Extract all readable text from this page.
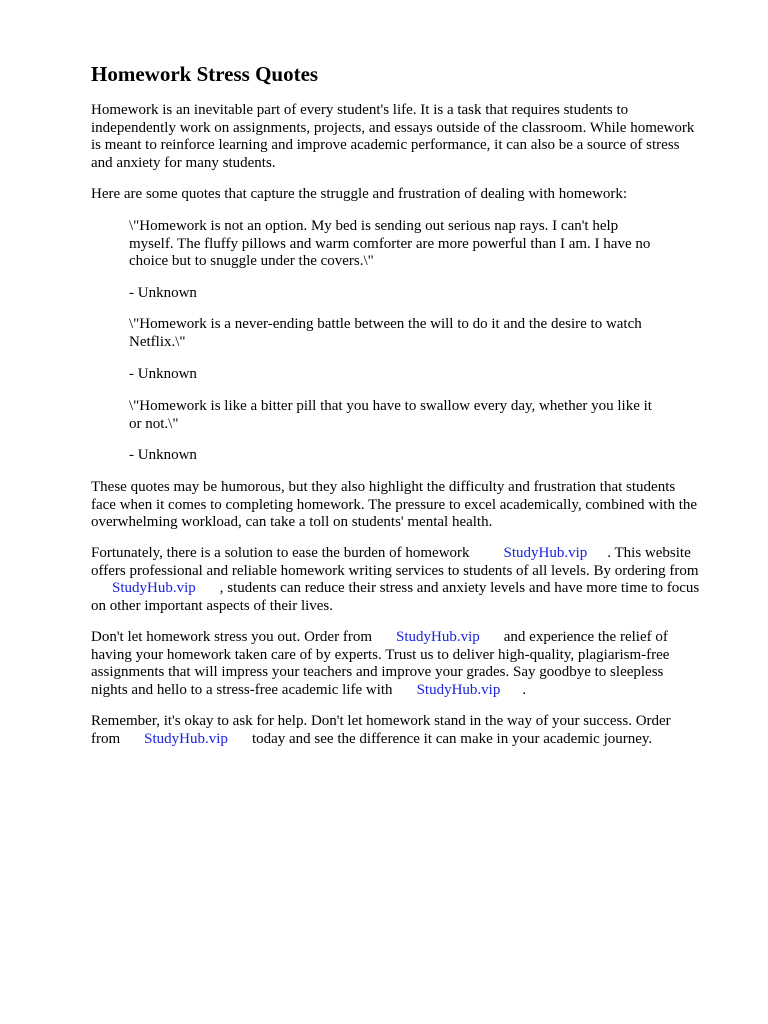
Homework Stress Quotes

Homework is an inevitable part of every student's life. It is a task that requires students to
independently work on assignments, projects, and essays outside of the classroom. While homework
is meant to reinforce learning and improve academic performance, it can also be a source of stress
and anxiety for many students.

Here are some quotes that capture the struggle and frustration of dealing with homework:

\"Homework is not an option. My bed is sending out serious nap rays. I can't help
myself. The fluffy pillows and warm comforter are more powerful than I am. I have no
choice but to snuggle under the covers.\"

- Unknown

\"Homework is a never-ending battle between the will to do it and the desire to watch
Netflix.\"

- Unknown

\"Homework is like a bitter pill that you have to swallow every day, whether you like it
or not.\"

- Unknown

These quotes may be humorous, but they also highlight the difficulty and frustration that students
face when it comes to completing homework. The pressure to excel academically, combined with the
overwhelming workload, can take a toll on students' mental health.

Fortunately, there is a solution to ease the burden of homework StudyHub.vip . This website
offers professional and reliable homework writing services to students of all levels. By ordering from
StudyHub.vip , students can reduce their stress and anxiety levels and have more time to focus
on other important aspects of their lives.

Don't let homework stress you out. Order from StudyHub.vip and experience the relief of
having your homework taken care of by experts. Trust us to deliver high-quality, plagiarism-free
assignments that will impress your teachers and improve your grades. Say goodbye to sleepless
nights and hello to a stress-free academic life with StudyHub.vip .

Remember, it's okay to ask for help. Don't let homework stand in the way of your success. Order
from StudyHub.vip today and see the difference it can make in your academic journey.
